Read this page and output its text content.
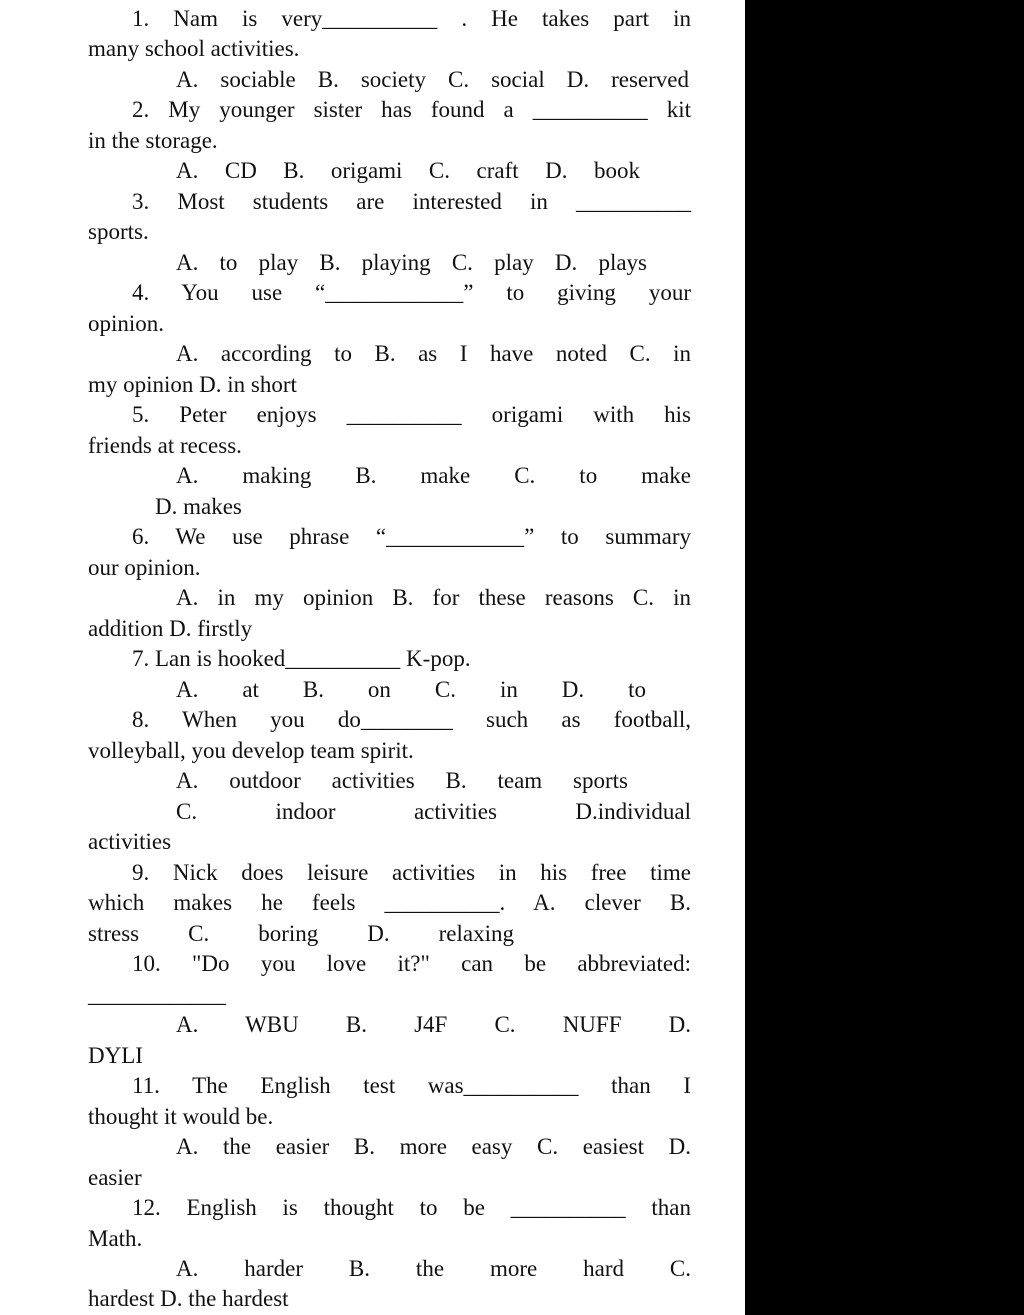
1. Nam is very__________ . He takes part in
many school activities.
A. sociable B. society C. social D. reserved
2. My younger sister has found a __________ kit
in the storage.
A. CD B. origami C. craft D. book
3. Most students are interested in __________
sports.
A. to play B. playing C. play D. plays
4. You use “____________” to giving your
opinion.
A. according to B. as I have noted C. in
my opinion D. in short
5. Peter enjoys __________ origami with his
friends at recess.
A. making B. make C. to make
D. makes
6. We use phrase “____________” to summary
our opinion.
A. in my opinion B. for these reasons C. in
addition D. firstly
7. Lan is hooked__________ K-pop.
A. at B. on C. in D. to
8. When you do________ such as football,
volleyball, you develop team spirit.
A. outdoor activities B. team sports
C. indoor activities D.individual
activities
9. Nick does leisure activities in his free time
which makes he feels __________. A. clever B.
stress C. boring D. relaxing
10. "Do you love it?" can be abbreviated:
____________
A. WBU B. J4F C. NUFF D.
DYLI
11. The English test was__________ than I
thought it would be.
A. the easier B. more easy C. easiest D.
easier
12. English is thought to be __________ than
Math.
A. harder B. the more hard C.
hardest D. the hardest
